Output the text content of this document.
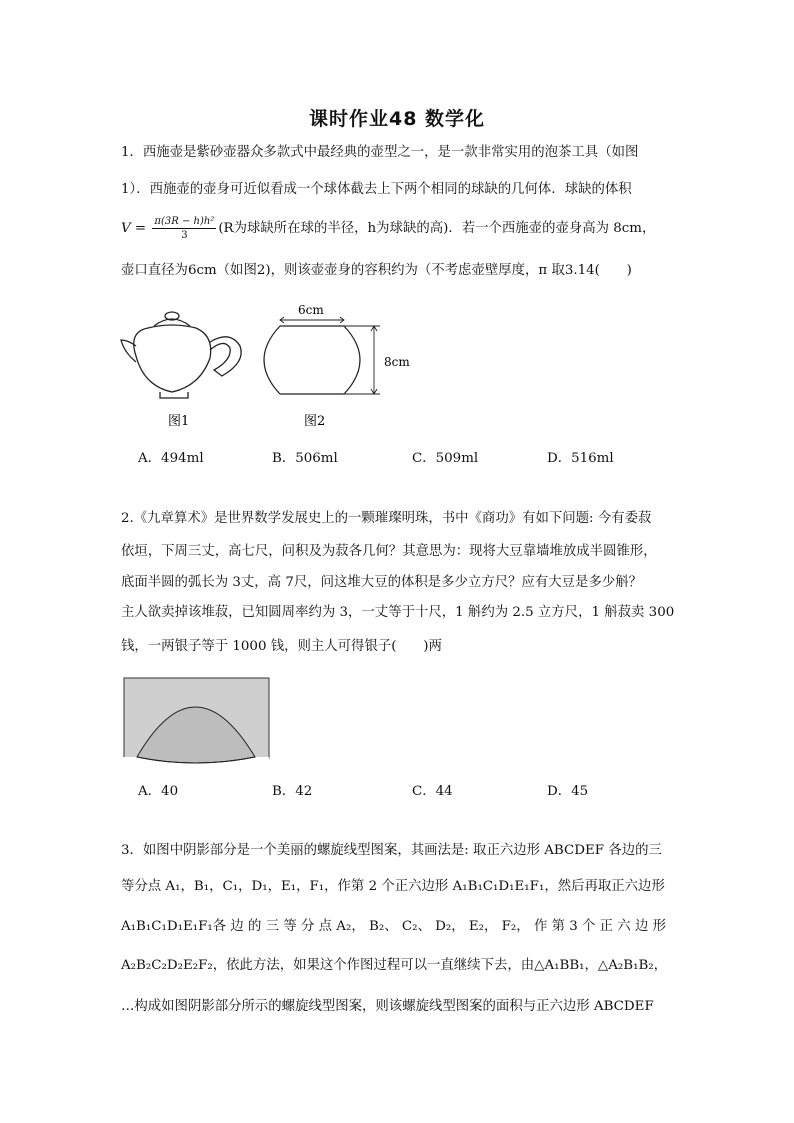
课时作业48 数学化
1．西施壶是紫砂壶器众多款式中最经典的壶型之一，是一款非常实用的泡茶工具（如图
1）．西施壶的壶身可近似看成一个球体截去上下两个相同的球缺的几何体．球缺的体积
$V = \frac{\text{π(3R − h)h²}}{3} (R$为球缺所在球的半径，h为球缺的高)．若一个西施壶的壶身高为 8cm，
壶口直径为6cm（如图2)，则该壶壶身的容积约为（不考虑壶壁厚度，π 取3.14(　　)
图1
6cm
8cm
图2
A．494ml	B．506ml	C．509ml	D．516ml
2.《九章算术》是世界数学发展史上的一颗璀璨明珠，书中《商功》有如下问题: 今有委菽
依垣，下周三丈，高七尺，问积及为菽各几何？其意思为：现将大豆靠墙堆放成半圆锥形，
底面半圆的弧长为 3丈，高 7尺，问这堆大豆的体积是多少立方尺？应有大豆是多少斛？
主人欲卖掉该堆菽，已知圆周率约为 3，一丈等于十尺，1 斛约为 2.5 立方尺，1 斛菽卖 300
钱，一两银子等于 1000 钱，则主人可得银子(　　)两
A．40	B．42	C．44	D．45
3．如图中阴影部分是一个美丽的螺旋线型图案，其画法是: 取正六边形 ABCDEF 各边的三
等分点 A₁，B₁，C₁，D₁，E₁，F₁，作第 2 个正六边形 A₁B₁C₁D₁E₁F₁，然后再取正六边形
A₁B₁C₁D₁E₁F₁各 边 的 三 等 分 点 A₂， B₂、 C₂、 D₂， E₂， F₂， 作 第 3 个 正 六 边 形
A₂B₂C₂D₂E₂F₂，依此方法，如果这个作图过程可以一直继续下去，由△A₁BB₁，△A₂B₁B₂，
…构成如图阴影部分所示的螺旋线型图案，则该螺旋线型图案的面积与正六边形 ABCDEF
